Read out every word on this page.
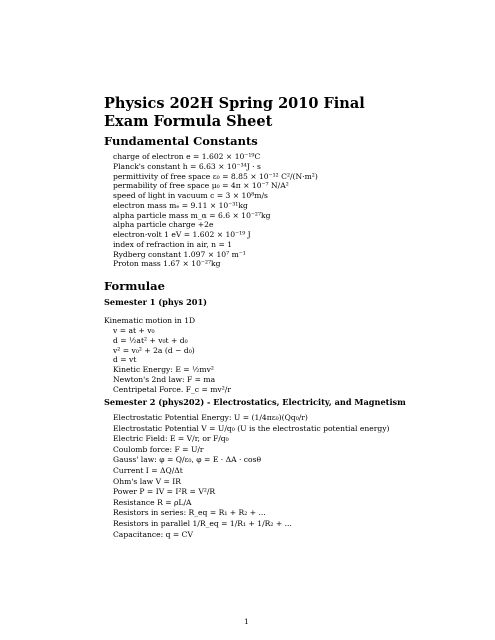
Physics 202H Spring 2010 Final Exam Formula Sheet
Fundamental Constants
charge of electron e = 1.602 × 10⁻¹⁹C
Planck's constant h = 6.63 × 10⁻³⁴J · s
permittivity of free space ε₀ = 8.85 × 10⁻¹² C²/(N·m²)
permability of free space μ₀ = 4π × 10⁻⁷ N/A²
speed of light in vacuum c = 3 × 10⁸m/s
electron mass mₑ = 9.11 × 10⁻³¹kg
alpha particle mass m_α = 6.6 × 10⁻²⁷kg
alpha particle charge +2e
electron-volt 1 eV = 1.602 × 10⁻¹⁹ J
index of refraction in air, n = 1
Rydberg constant 1.097 × 10⁷ m⁻¹
Proton mass 1.67 × 10⁻²⁷kg
Formulae
Semester 1 (phys 201)
Kinematic motion in 1D
v = at + v₀
d = ½at² + v₀t + d₀
v² = v₀² + 2a (d − d₀)
d = vt
Kinetic Energy: E = ½mv²
Newton's 2nd law: F = ma
Centripetal Force. F_c = mv²/r
Semester 2 (phys202) - Electrostatics, Electricity, and Magnetism
Electrostatic Potential Energy: U = (1/4πε₀)(Qq₀/r)
Electrostatic Potential V = U/q₀ (U is the electrostatic potential energy)
Electric Field: E = V/r, or F/q₀
Coulomb force: F = U/r
Gauss' law: φ = Q/ε₀, φ = E · ΔA · cosθ
Current I = ΔQ/Δt
Ohm's law V = IR
Power P = IV = I²R = V²/R
Resistance R = ρL/A
Resistors in series: R_eq = R₁ + R₂ + ...
Resistors in parallel 1/R_eq = 1/R₁ + 1/R₂ + ...
Capacitance: q = CV
1
